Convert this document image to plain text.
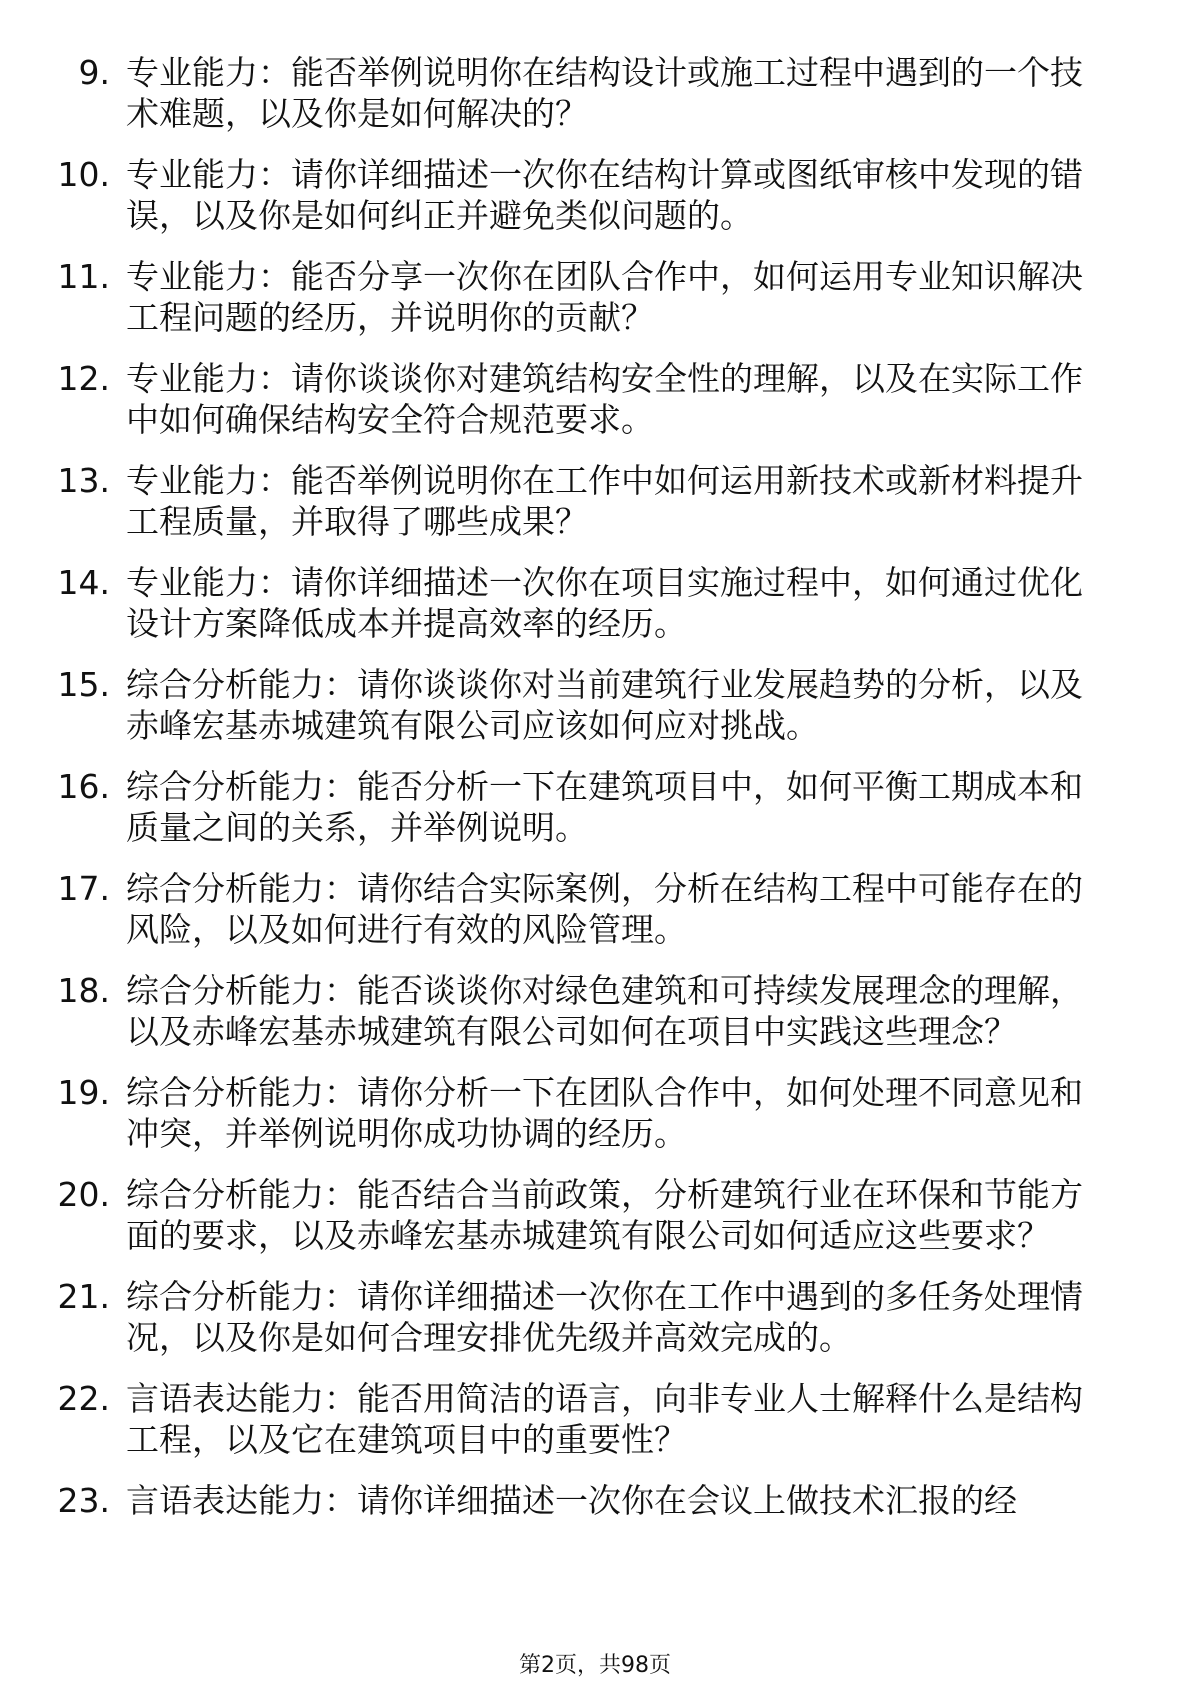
9. 专业能力：能否举例说明你在结构设计或施工过程中遇到的一个技术难题，以及你是如何解决的？
10. 专业能力：请你详细描述一次你在结构计算或图纸审核中发现的错误，以及你是如何纠正并避免类似问题的。
11. 专业能力：能否分享一次你在团队合作中，如何运用专业知识解决工程问题的经历，并说明你的贡献？
12. 专业能力：请你谈谈你对建筑结构安全性的理解，以及在实际工作中如何确保结构安全符合规范要求。
13. 专业能力：能否举例说明你在工作中如何运用新技术或新材料提升工程质量，并取得了哪些成果？
14. 专业能力：请你详细描述一次你在项目实施过程中，如何通过优化设计方案降低成本并提高效率的经历。
15. 综合分析能力：请你谈谈你对当前建筑行业发展趋势的分析，以及赤峰宏基赤城建筑有限公司应该如何应对挑战。
16. 综合分析能力：能否分析一下在建筑项目中，如何平衡工期成本和质量之间的关系，并举例说明。
17. 综合分析能力：请你结合实际案例，分析在结构工程中可能存在的风险，以及如何进行有效的风险管理。
18. 综合分析能力：能否谈谈你对绿色建筑和可持续发展理念的理解，以及赤峰宏基赤城建筑有限公司如何在项目中实践这些理念？
19. 综合分析能力：请你分析一下在团队合作中，如何处理不同意见和冲突，并举例说明你成功协调的经历。
20. 综合分析能力：能否结合当前政策，分析建筑行业在环保和节能方面的要求，以及赤峰宏基赤城建筑有限公司如何适应这些要求？
21. 综合分析能力：请你详细描述一次你在工作中遇到的多任务处理情况，以及你是如何合理安排优先级并高效完成的。
22. 言语表达能力：能否用简洁的语言，向非专业人士解释什么是结构工程，以及它在建筑项目中的重要性？
23. 言语表达能力：请你详细描述一次你在会议上做技术汇报的经
第2页，共98页
